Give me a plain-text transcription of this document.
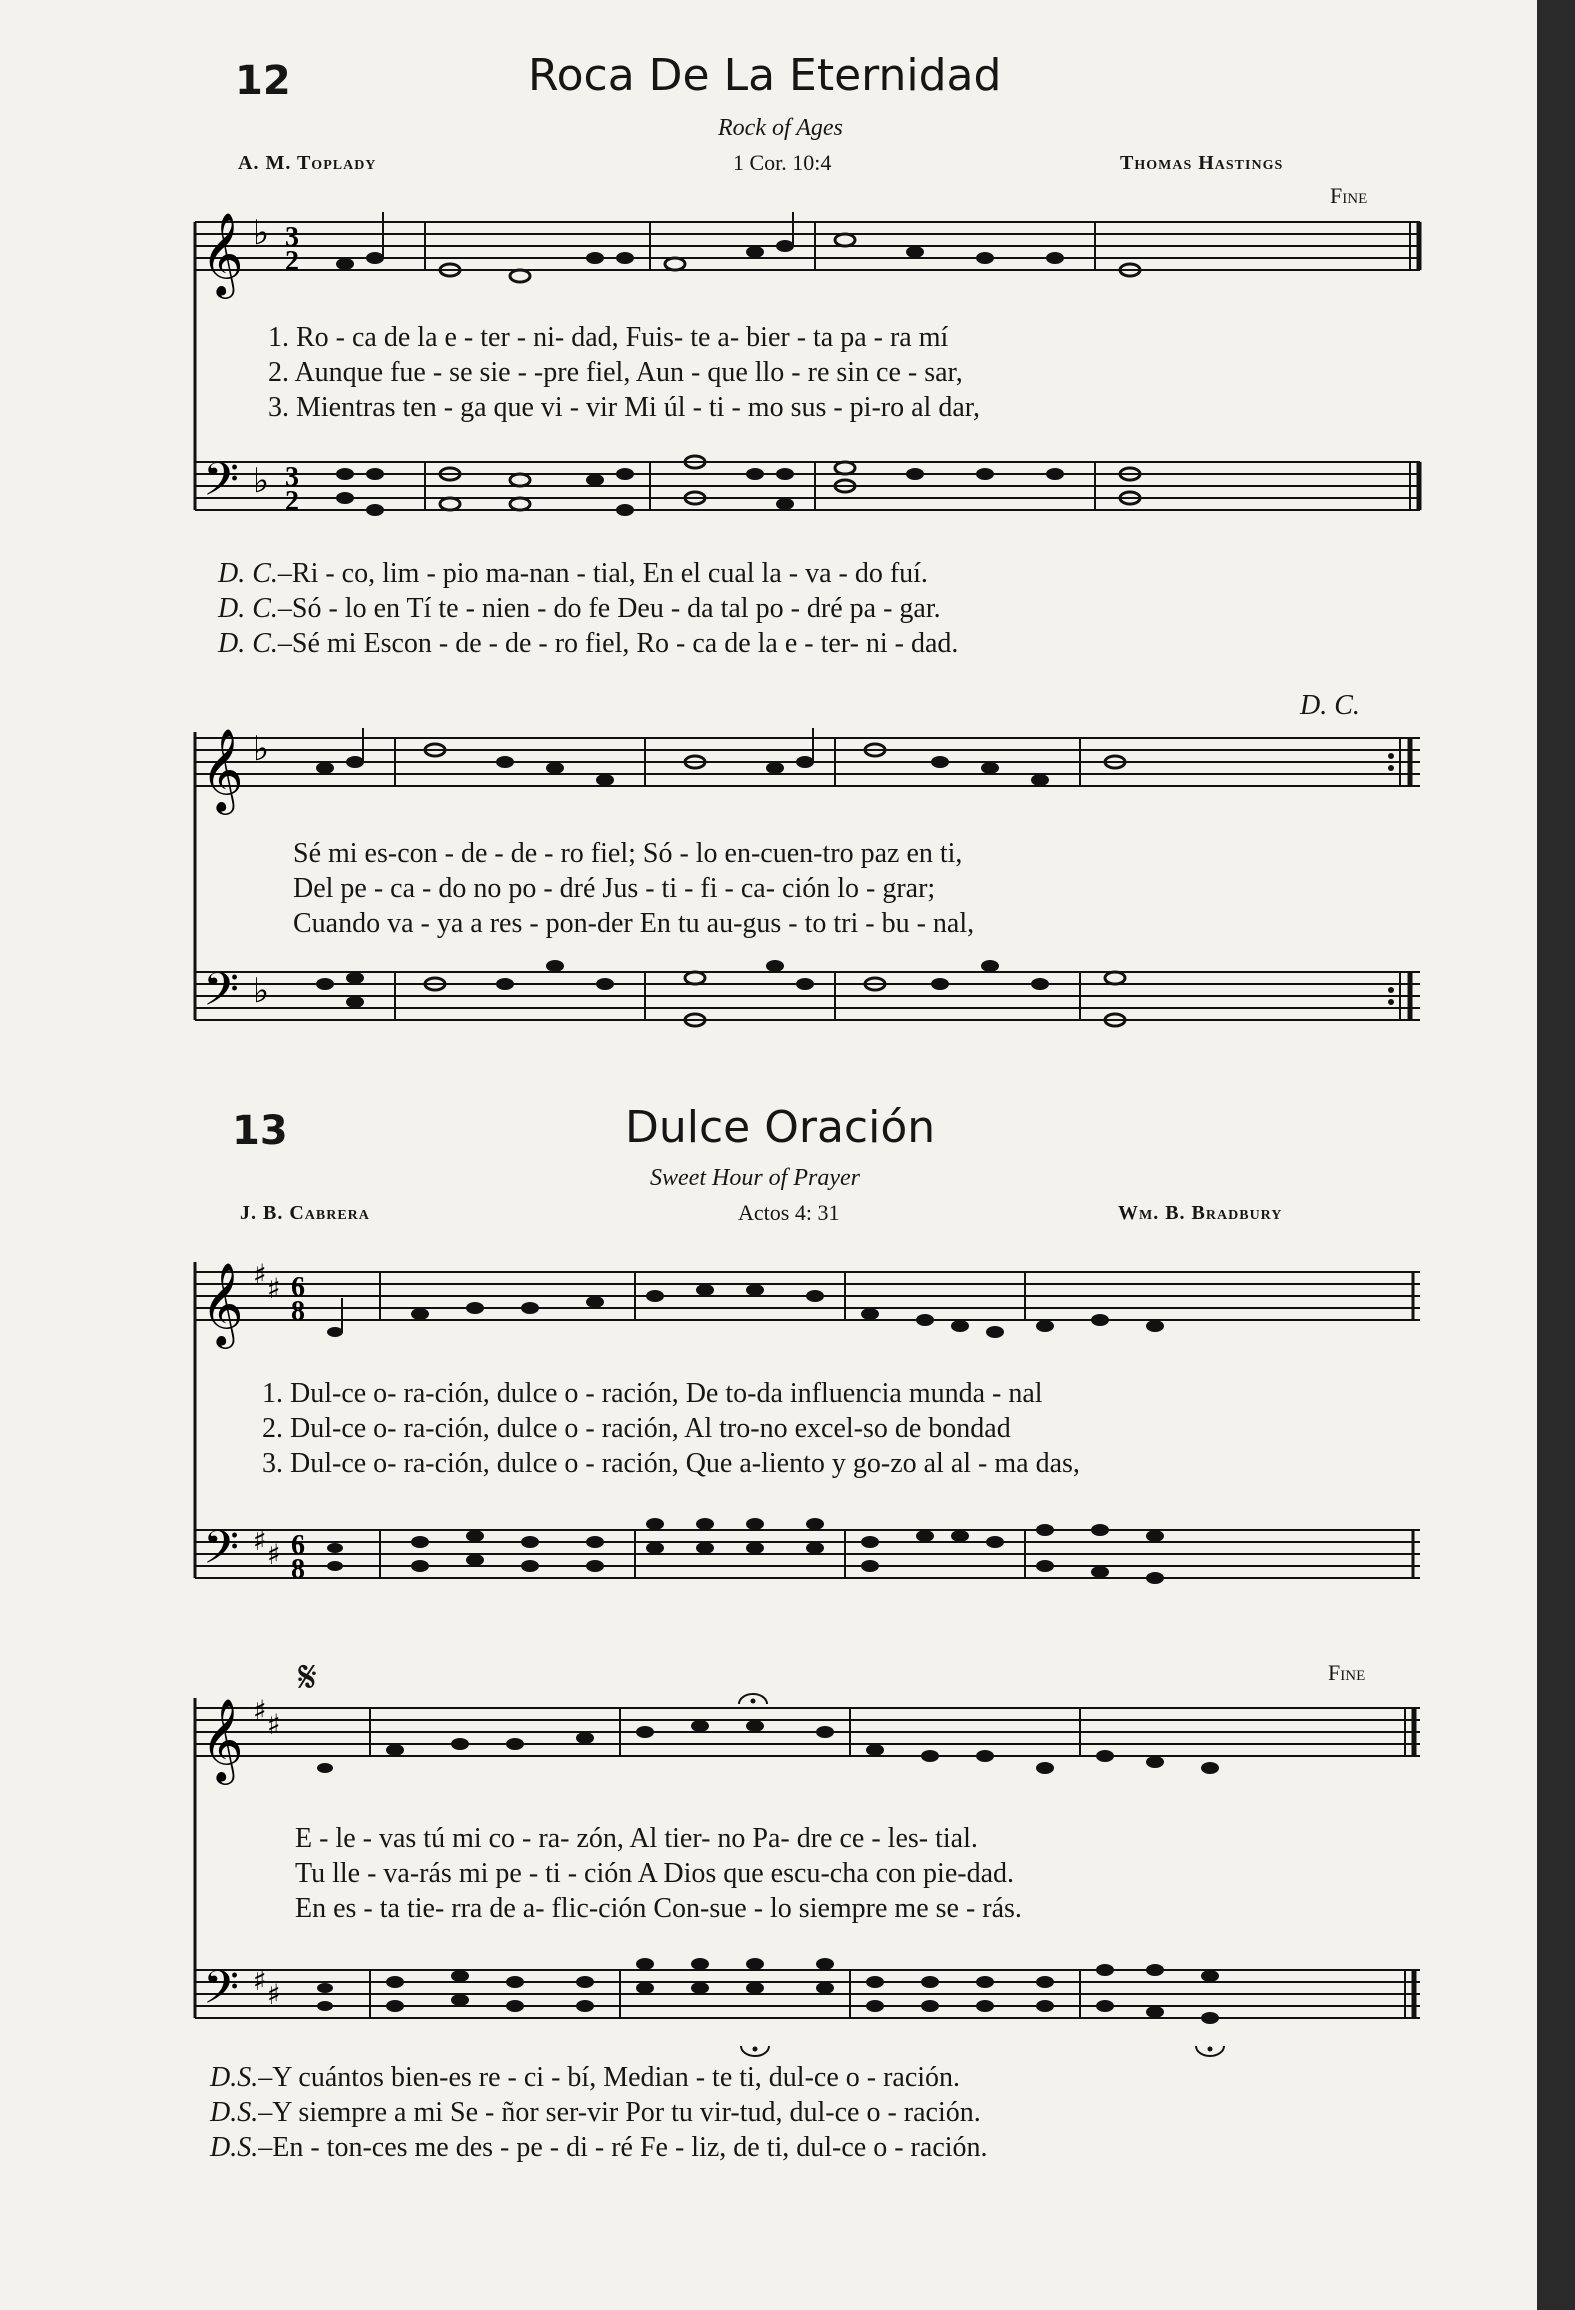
12	Roca De La Eternidad
Rock of Ages
A. M. Toplady	1 Cor. 10:4	Thomas Hastings
Fine
𝄞 ♭ 3
2
1. Ro - ca de la e - ter - ni- dad, Fuis- te a- bier - ta pa - ra mí
2. Aunque fue - se sie - -pre fiel, Aun - que llo - re sin ce - sar,
3. Mientras ten - ga que vi - vir Mi úl - ti - mo sus - pi-ro al dar,
𝄢 ♭ 3
2
D. C.–Ri - co, lim - pio ma-nan - tial, En el cual la - va - do fuí.
D. C.–Só - lo en Tí te - nien - do fe Deu - da tal po - dré pa - gar.
D. C.–Sé mi Escon - de - de - ro fiel, Ro - ca de la e - ter- ni - dad.
D. C.
𝄞 ♭
Sé mi es-con - de - de - ro fiel; Só - lo en-cuen-tro paz en ti,
Del pe - ca - do no po - dré Jus - ti - fi - ca- ción lo - grar;
Cuando va - ya a res - pon-der En tu au-gus - to tri - bu - nal,
𝄢 ♭
13	Dulce Oración
Sweet Hour of Prayer
J. B. Cabrera	Actos 4: 31	Wm. B. Bradbury
𝄞 ♯ ♯ 6
8
1. Dul-ce o- ra-ción, dulce o - ración, De to-da influencia munda - nal
2. Dul-ce o- ra-ción, dulce o - ración, Al tro-no excel-so de bondad
3. Dul-ce o- ra-ción, dulce o - ración, Que a-liento y go-zo al al - ma das,
𝄢 ♯ ♯ 6
8
𝄋	Fine
𝄞 ♯ ♯
E - le - vas tú mi co - ra- zón, Al tier- no Pa- dre ce - les- tial.
Tu lle - va-rás mi pe - ti - ción A Dios que escu-cha con pie-dad.
En es - ta tie- rra de a- flic-ción Con-sue - lo siempre me se - rás.
𝄢 ♯ ♯
D.S.–Y cuántos bien-es re - ci - bí, Median - te ti, dul-ce o - ración.
D.S.–Y siempre a mi Se - ñor ser-vir Por tu vir-tud, dul-ce o - ración.
D.S.–En - ton-ces me des - pe - di - ré Fe - liz, de ti, dul-ce o - ración.
